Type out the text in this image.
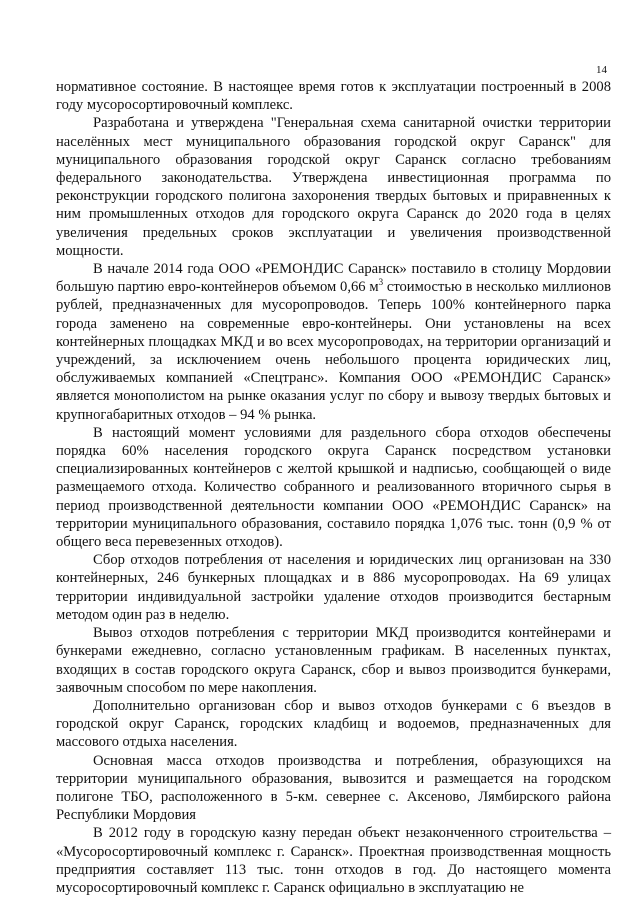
14

нормативное состояние. В настоящее время готов к эксплуатации построенный в 2008 году мусоросортировочный комплекс.

Разработана и утверждена "Генеральная схема санитарной очистки территории населённых мест муниципального образования городской округ Саранск" для муниципального образования городской округ Саранск согласно требованиям федерального законодательства. Утверждена инвестиционная программа по реконструкции городского полигона захоронения твердых бытовых и приравненных к ним промышленных отходов для городского округа Саранск до 2020 года в целях увеличения предельных сроков эксплуатации и увеличения производственной мощности.

В начале 2014 года ООО «РЕМОНДИС Саранск» поставило в столицу Мордовии большую партию евро-контейнеров объемом 0,66 $м^3$ стоимостью в несколько миллионов рублей, предназначенных для мусоропроводов. Теперь 100% контейнерного парка города заменено на современные евро-контейнеры. Они установлены на всех контейнерных площадках МКД и во всех мусоропроводах, на территории организаций и учреждений, за исключением очень небольшого процента юридических лиц, обслуживаемых компанией «Спецтранс». Компания ООО «РЕМОНДИС Саранск» является монополистом на рынке оказания услуг по сбору и вывозу твердых бытовых и крупногабаритных отходов – 94 % рынка.

В настоящий момент условиями для раздельного сбора отходов обеспечены порядка 60% населения городского округа Саранск посредством установки специализированных контейнеров с желтой крышкой и надписью, сообщающей о виде размещаемого отхода. Количество собранного и реализованного вторичного сырья в период производственной деятельности компании ООО «РЕМОНДИС Саранск» на территории муниципального образования, составило порядка 1,076 тыс. тонн (0,9 % от общего веса перевезенных отходов).

Сбор отходов потребления от населения и юридических лиц организован на 330 контейнерных, 246 бункерных площадках и в 886 мусоропроводах. На 69 улицах территории индивидуальной застройки удаление отходов производится бестарным методом один раз в неделю.

Вывоз отходов потребления с территории МКД производится контейнерами и бункерами ежедневно, согласно установленным графикам. В населенных пунктах, входящих в состав городского округа Саранск, сбор и вывоз производится бункерами, заявочным способом по мере накопления.

Дополнительно организован сбор и вывоз отходов бункерами с 6 въездов в городской округ Саранск, городских кладбищ и водоемов, предназначенных для массового отдыха населения.

Основная масса отходов производства и потребления, образующихся на территории муниципального образования, вывозится и размещается на городском полигоне ТБО, расположенного в 5-км. севернее с. Аксеново, Лямбирского района Республики Мордовия

В 2012 году в городскую казну передан объект незаконченного строительства – «Мусоросортировочный комплекс г. Саранск». Проектная производственная мощность предприятия составляет 113 тыс. тонн отходов в год. До настоящего момента мусоросортировочный комплекс г. Саранск официально в эксплуатацию не
